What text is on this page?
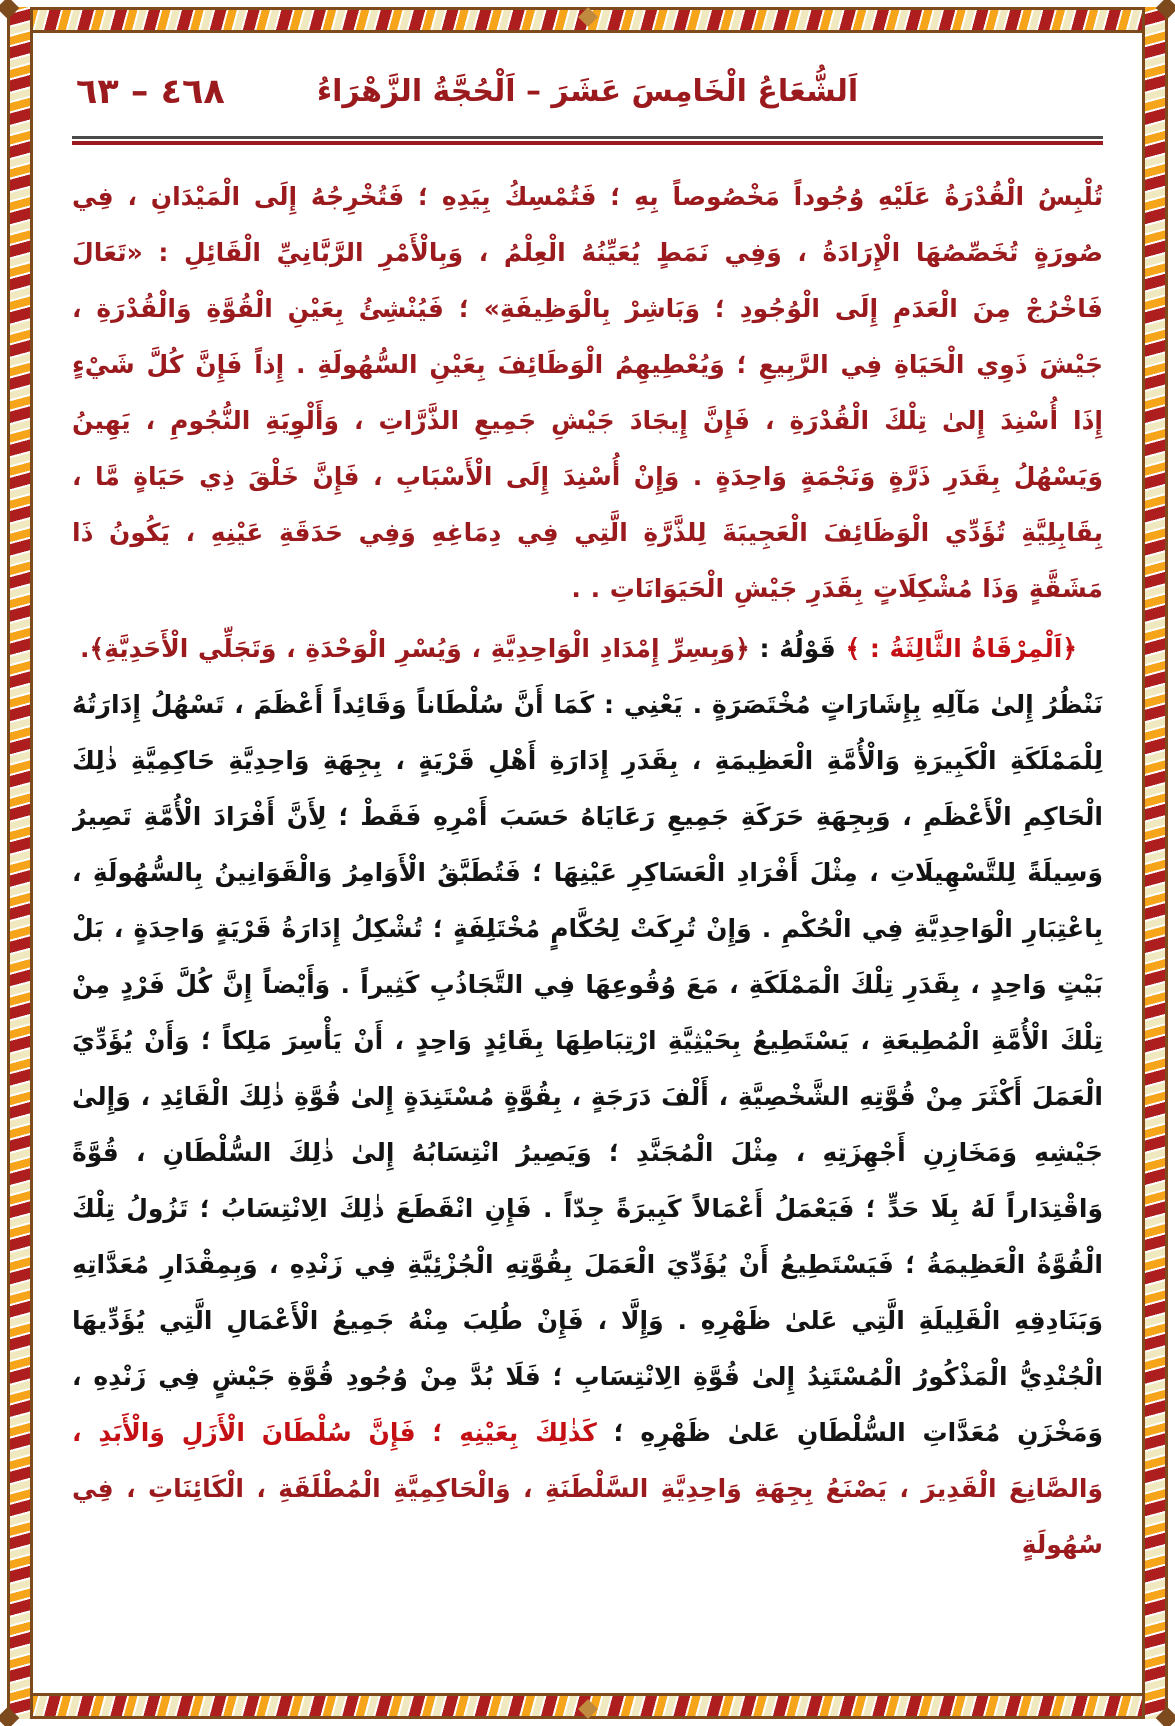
٤٦٨ – ٦٣	اَلشُّعَاعُ الْخَامِسَ عَشَرَ – اَلْحُجَّةُ الزَّهْرَاءُ

تُلْبِسُ الْقُدْرَةُ عَلَيْهِ وُجُوداً مَخْصُوصاً بِهِ ؛ فَتُمْسِكُ بِيَدِهِ ؛ فَتُخْرِجُهُ إِلَى الْمَيْدَانِ ، فِي صُورَةٍ تُخَصِّصُهَا الْإِرَادَةُ ، وَفِي نَمَطٍ يُعَيِّنُهُ الْعِلْمُ ، وَبِالْأَمْرِ الرَّبَّانِيِّ الْقَائِلِ : «تَعَالَ فَاخْرُجْ مِنَ الْعَدَمِ إِلَى الْوُجُودِ ؛ وَبَاشِرْ بِالْوَظِيفَةِ» ؛ فَيُنْشِئُ بِعَيْنِ الْقُوَّةِ وَالْقُدْرَةِ ، جَيْشَ ذَوِي الْحَيَاةِ فِي الرَّبِيعِ ؛ وَيُعْطِيهِمُ الْوَظَائِفَ بِعَيْنِ السُّهُولَةِ . إِذاً فَإِنَّ كُلَّ شَيْءٍ إِذَا أُسْنِدَ إِلىٰ تِلْكَ الْقُدْرَةِ ، فَإِنَّ إِيجَادَ جَيْشِ جَمِيعِ الذَّرَّاتِ ، وَأَلْوِيَةِ النُّجُومِ ، يَهِينُ وَيَسْهُلُ بِقَدَرِ ذَرَّةٍ وَنَجْمَةٍ وَاحِدَةٍ . وَإِنْ أُسْنِدَ إِلَى الْأَسْبَابِ ، فَإِنَّ خَلْقَ ذِي حَيَاةٍ مَّا ، بِقَابِلِيَّةِ تُؤَدِّي الْوَظَائِفَ الْعَجِيبَةَ لِلذَّرَّةِ الَّتِي فِي دِمَاغِهِ وَفِي حَدَقَةِ عَيْنِهِ ، يَكُونُ ذَا مَشَقَّةٍ وَذَا مُشْكِلَاتٍ بِقَدَرِ جَيْشِ الْحَيَوَانَاتِ . .

﴿اَلْمِرْقَاةُ الثَّالِثَةُ : ﴾ قَوْلُهُ : ﴿وَبِسِرِّ إِمْدَادِ الْوَاحِدِيَّةِ ، وَيُسْرِ الْوَحْدَةِ ، وَتَجَلِّي الْأَحَدِيَّةِ﴾.

نَنْظُرُ إِلىٰ مَآلِهِ بِإِشَارَاتٍ مُخْتَصَرَةٍ . يَعْنِي : كَمَا أَنَّ سُلْطَاناً وَقَائِداً أَعْظَمَ ، تَسْهُلُ إِدَارَتُهُ لِلْمَمْلَكَةِ الْكَبِيرَةِ وَالْأُمَّةِ الْعَظِيمَةِ ، بِقَدَرِ إِدَارَةِ أَهْلِ قَرْيَةٍ ، بِجِهَةِ وَاحِدِيَّةِ حَاكِمِيَّةِ ذٰلِكَ الْحَاكِمِ الْأَعْظَمِ ، وَبِجِهَةِ حَرَكَةِ جَمِيعِ رَعَايَاهُ حَسَبَ أَمْرِهِ فَقَطْ ؛ لِأَنَّ أَفْرَادَ الْأُمَّةِ تَصِيرُ وَسِيلَةً لِلتَّسْهِيلَاتِ ، مِثْلَ أَفْرَادِ الْعَسَاكِرِ عَيْنِهَا ؛ فَتُطَبَّقُ الْأَوَامِرُ وَالْقَوَانِينُ بِالسُّهُولَةِ ، بِاعْتِبَارِ الْوَاحِدِيَّةِ فِي الْحُكْمِ . وَإِنْ تُرِكَتْ لِحُكَّامٍ مُخْتَلِفَةٍ ؛ تُشْكِلُ إِدَارَةُ قَرْيَةٍ وَاحِدَةٍ ، بَلْ بَيْتٍ وَاحِدٍ ، بِقَدَرِ تِلْكَ الْمَمْلَكَةِ ، مَعَ وُقُوعِهَا فِي التَّجَاذُبِ كَثِيراً . وَأَيْضاً إِنَّ كُلَّ فَرْدٍ مِنْ تِلْكَ الْأُمَّةِ الْمُطِيعَةِ ، يَسْتَطِيعُ بِحَيْثِيَّةِ ارْتِبَاطِهَا بِقَائِدٍ وَاحِدٍ ، أَنْ يَأْسِرَ مَلِكاً ؛ وَأَنْ يُؤَدِّيَ الْعَمَلَ أَكْثَرَ مِنْ قُوَّتِهِ الشَّخْصِيَّةِ ، أَلْفَ دَرَجَةٍ ، بِقُوَّةٍ مُسْتَنِدَةٍ إِلىٰ قُوَّةِ ذٰلِكَ الْقَائِدِ ، وَإِلىٰ جَيْشِهِ وَمَخَازِنِ أَجْهِزَتِهِ ، مِثْلَ الْمُجَنَّدِ ؛ وَيَصِيرُ انْتِسَابُهُ إِلىٰ ذٰلِكَ السُّلْطَانِ ، قُوَّةً وَاقْتِدَاراً لَهُ بِلَا حَدٍّ ؛ فَيَعْمَلُ أَعْمَالاً كَبِيرَةً جِدّاً . فَإِنِ انْقَطَعَ ذٰلِكَ الِانْتِسَابُ ؛ تَزُولُ تِلْكَ الْقُوَّةُ الْعَظِيمَةُ ؛ فَيَسْتَطِيعُ أَنْ يُؤَدِّيَ الْعَمَلَ بِقُوَّتِهِ الْجُزْئِيَّةِ فِي زَنْدِهِ ، وَبِمِقْدَارِ مُعَدَّاتِهِ وَبَنَادِقِهِ الْقَلِيلَةِ الَّتِي عَلىٰ ظَهْرِهِ . وَإِلَّا ، فَإِنْ طُلِبَ مِنْهُ جَمِيعُ الْأَعْمَالِ الَّتِي يُؤَدِّيهَا الْجُنْدِيُّ الْمَذْكُورُ الْمُسْتَنِدُ إِلىٰ قُوَّةِ الِانْتِسَابِ ؛ فَلَا بُدَّ مِنْ وُجُودِ قُوَّةِ جَيْشٍ فِي زَنْدِهِ ، وَمَخْزَنِ مُعَدَّاتِ السُّلْطَانِ عَلىٰ ظَهْرِهِ ؛ كَذٰلِكَ بِعَيْنِهِ ؛ فَإِنَّ سُلْطَانَ الْأَزَلِ وَالْأَبَدِ ، وَالصَّانِعَ الْقَدِيرَ ، يَصْنَعُ بِجِهَةِ وَاحِدِيَّةِ السَّلْطَنَةِ ، وَالْحَاكِمِيَّةِ الْمُطْلَقَةِ ، الْكَائِنَاتِ ، فِي سُهُولَةٍ
